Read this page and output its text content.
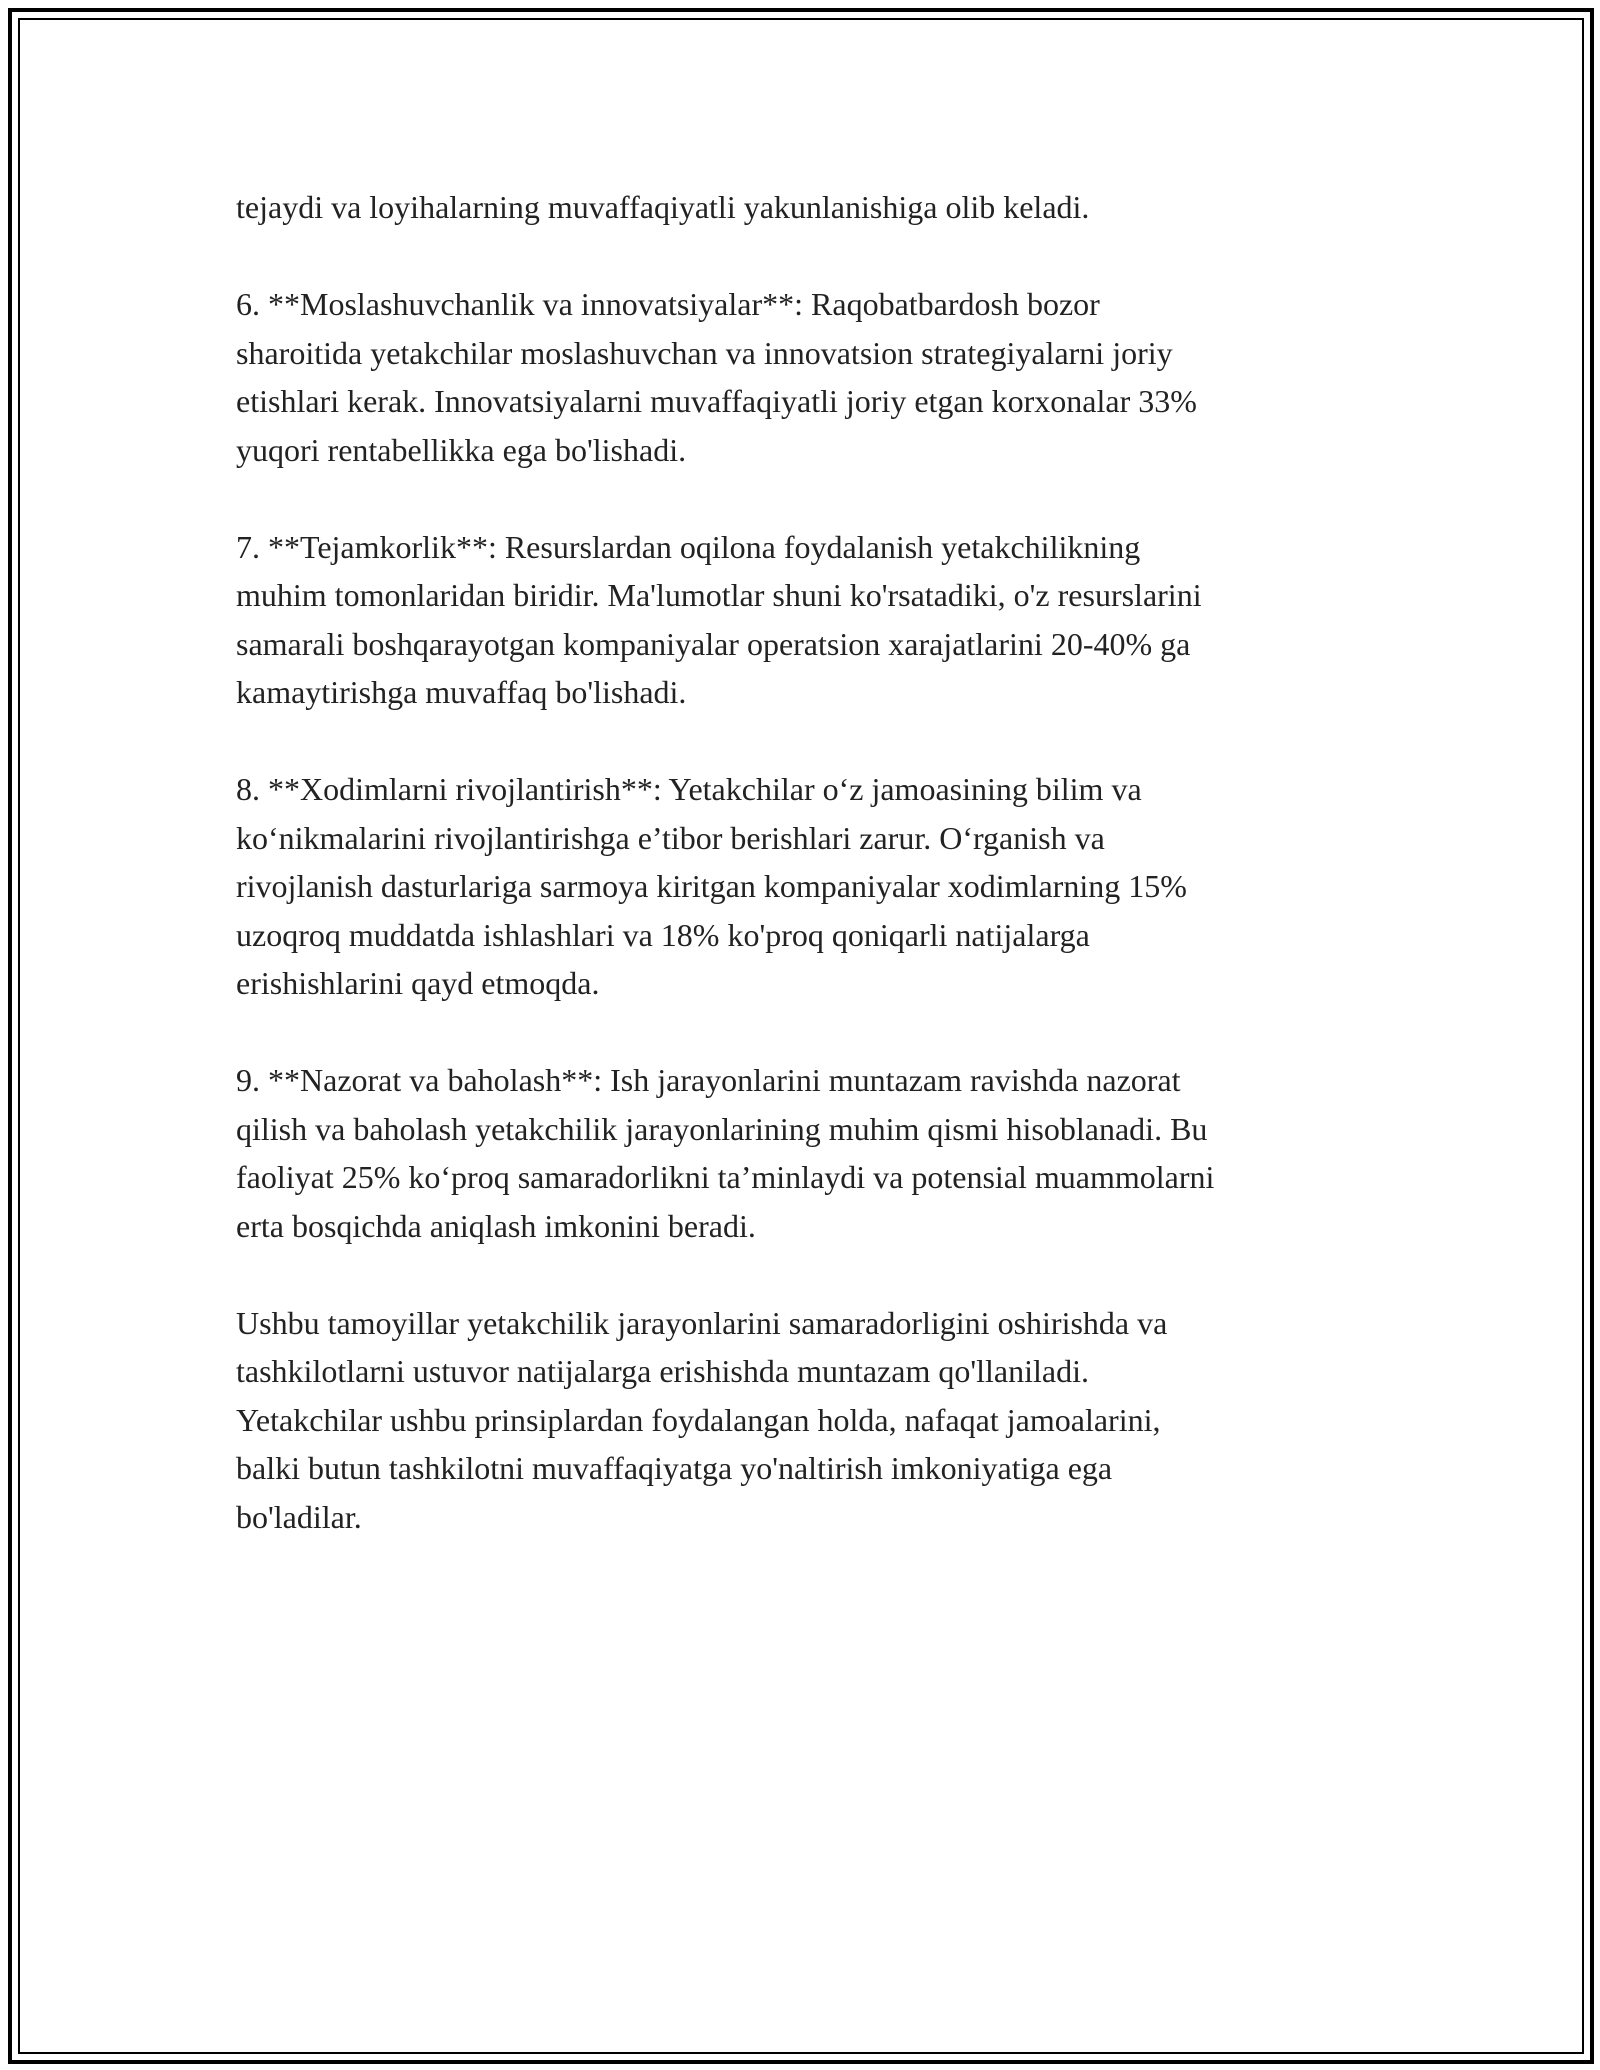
tejaydi va loyihalarning muvaffaqiyatli yakunlanishiga olib keladi.

6. **Moslashuvchanlik va innovatsiyalar**: Raqobatbardosh bozor
sharoitida yetakchilar moslashuvchan va innovatsion strategiyalarni joriy
etishlari kerak. Innovatsiyalarni muvaffaqiyatli joriy etgan korxonalar 33%
yuqori rentabellikka ega bo'lishadi.

7. **Tejamkorlik**: Resurslardan oqilona foydalanish yetakchilikning
muhim tomonlaridan biridir. Ma'lumotlar shuni ko'rsatadiki, o'z resurslarini
samarali boshqarayotgan kompaniyalar operatsion xarajatlarini 20-40% ga
kamaytirishga muvaffaq bo'lishadi.

8. **Xodimlarni rivojlantirish**: Yetakchilar o‘z jamoasining bilim va
ko‘nikmalarini rivojlantirishga e’tibor berishlari zarur. O‘rganish va
rivojlanish dasturlariga sarmoya kiritgan kompaniyalar xodimlarning 15%
uzoqroq muddatda ishlashlari va 18% ko'proq qoniqarli natijalarga
erishishlarini qayd etmoqda.

9. **Nazorat va baholash**: Ish jarayonlarini muntazam ravishda nazorat
qilish va baholash yetakchilik jarayonlarining muhim qismi hisoblanadi. Bu
faoliyat 25% ko‘proq samaradorlikni ta’minlaydi va potensial muammolarni
erta bosqichda aniqlash imkonini beradi.

Ushbu tamoyillar yetakchilik jarayonlarini samaradorligini oshirishda va
tashkilotlarni ustuvor natijalarga erishishda muntazam qo'llaniladi.
Yetakchilar ushbu prinsiplardan foydalangan holda, nafaqat jamoalarini,
balki butun tashkilotni muvaffaqiyatga yo'naltirish imkoniyatiga ega
bo'ladilar.
